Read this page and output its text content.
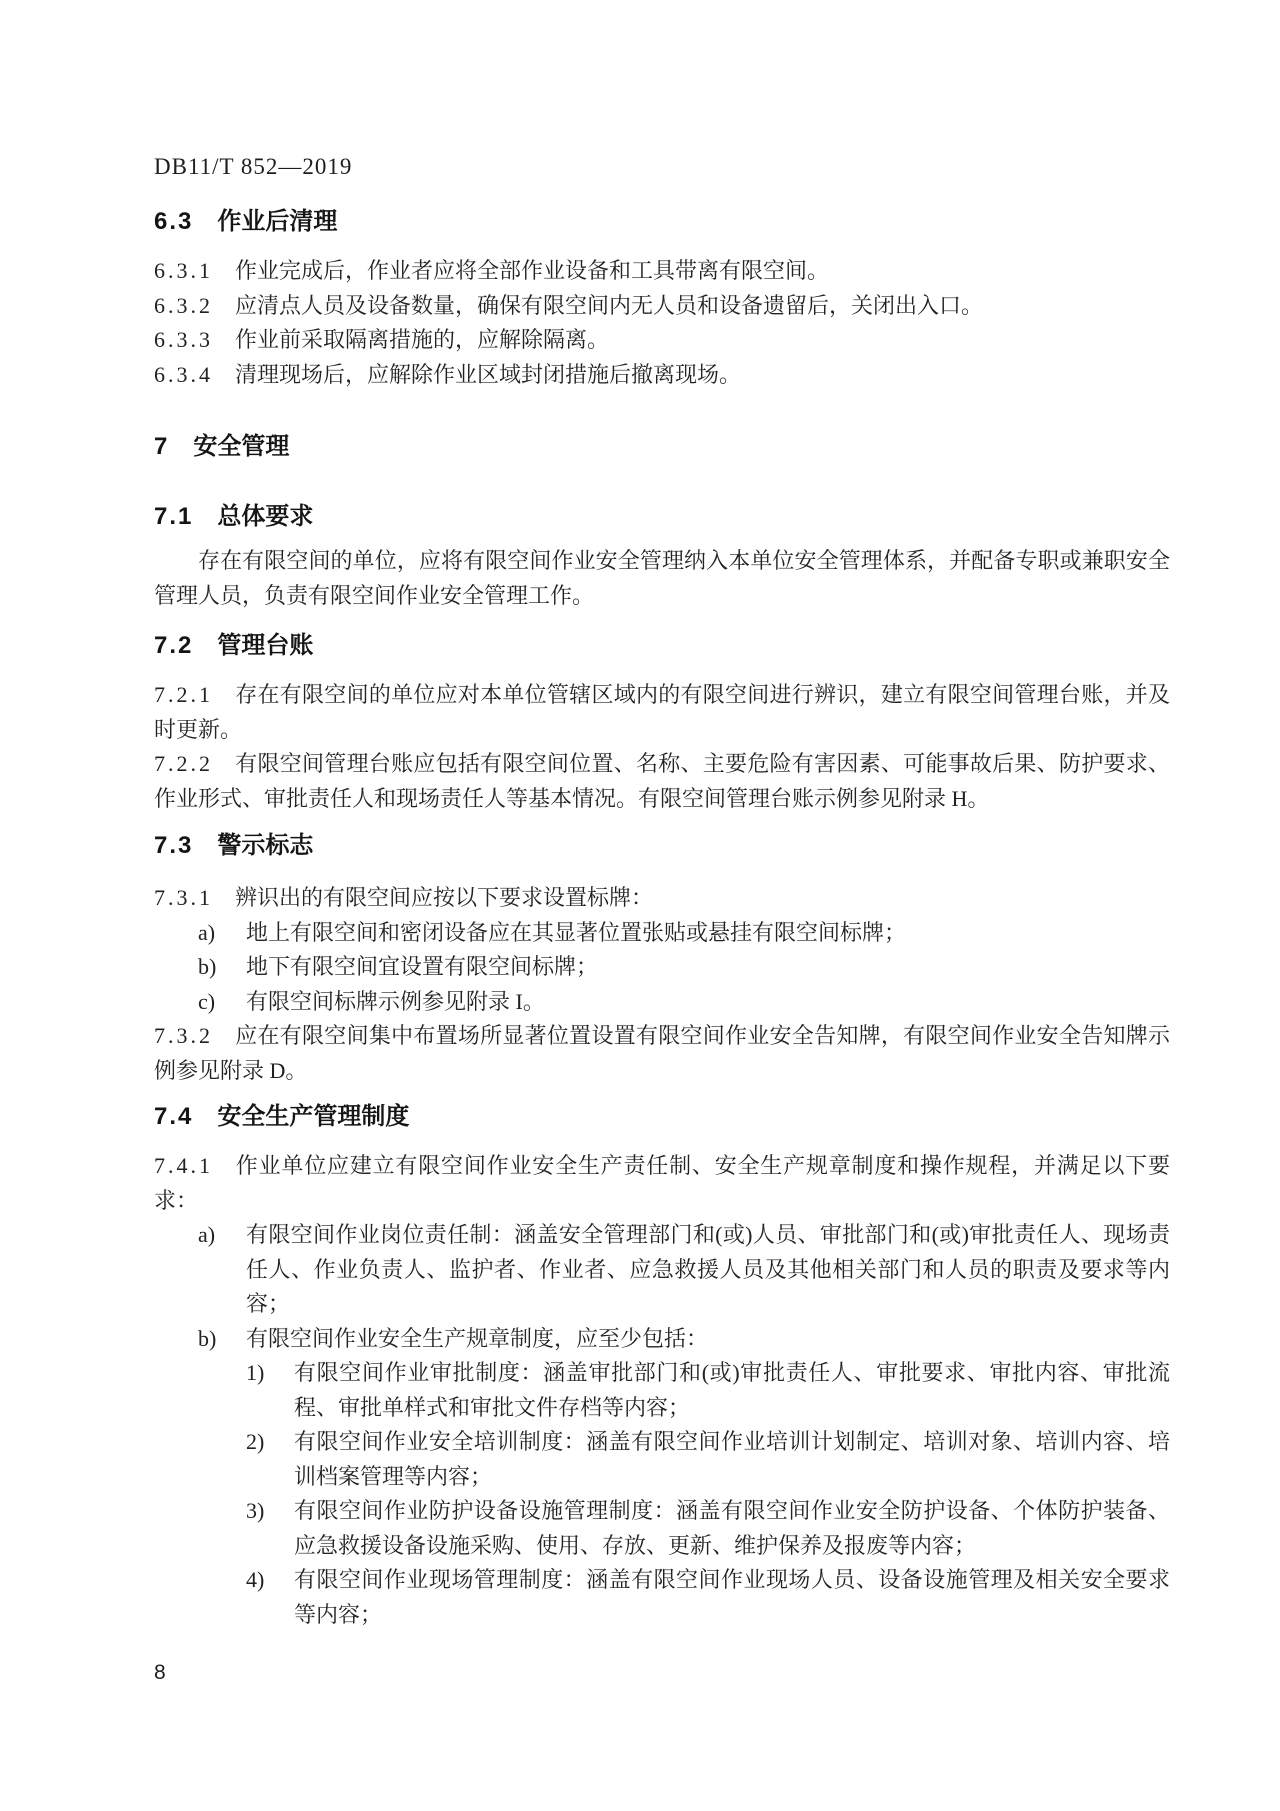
DB11/T 852—2019
6.3 作业后清理

6.3.1 作业完成后，作业者应将全部作业设备和工具带离有限空间。

6.3.2 应清点人员及设备数量，确保有限空间内无人员和设备遗留后，关闭出入口。

6.3.3 作业前采取隔离措施的，应解除隔离。

6.3.4 清理现场后，应解除作业区域封闭措施后撤离现场。

7 安全管理
7.1 总体要求

存在有限空间的单位，应将有限空间作业安全管理纳入本单位安全管理体系，并配备专职或兼职安全管理人员，负责有限空间作业安全管理工作。

7.2 管理台账

7.2.1 存在有限空间的单位应对本单位管辖区域内的有限空间进行辨识，建立有限空间管理台账，并及时更新。

7.2.2 有限空间管理台账应包括有限空间位置、名称、主要危险有害因素、可能事故后果、防护要求、作业形式、审批责任人和现场责任人等基本情况。有限空间管理台账示例参见附录 H。

7.3 警示标志

7.3.1 辨识出的有限空间应按以下要求设置标牌：

a) 地上有限空间和密闭设备应在其显著位置张贴或悬挂有限空间标牌；
b) 地下有限空间宜设置有限空间标牌；
c) 有限空间标牌示例参见附录 I。

7.3.2 应在有限空间集中布置场所显著位置设置有限空间作业安全告知牌，有限空间作业安全告知牌示例参见附录 D。

7.4 安全生产管理制度

7.4.1 作业单位应建立有限空间作业安全生产责任制、安全生产规章制度和操作规程，并满足以下要求：

a) 有限空间作业岗位责任制：涵盖安全管理部门和(或)人员、审批部门和(或)审批责任人、现场责任人、作业负责人、监护者、作业者、应急救援人员及其他相关部门和人员的职责及要求等内容；
b) 有限空间作业安全生产规章制度，应至少包括：
1) 有限空间作业审批制度：涵盖审批部门和(或)审批责任人、审批要求、审批内容、审批流程、审批单样式和审批文件存档等内容；
2) 有限空间作业安全培训制度：涵盖有限空间作业培训计划制定、培训对象、培训内容、培训档案管理等内容；
3) 有限空间作业防护设备设施管理制度：涵盖有限空间作业安全防护设备、个体防护装备、应急救援设备设施采购、使用、存放、更新、维护保养及报废等内容；
4) 有限空间作业现场管理制度：涵盖有限空间作业现场人员、设备设施管理及相关安全要求等内容；
8
